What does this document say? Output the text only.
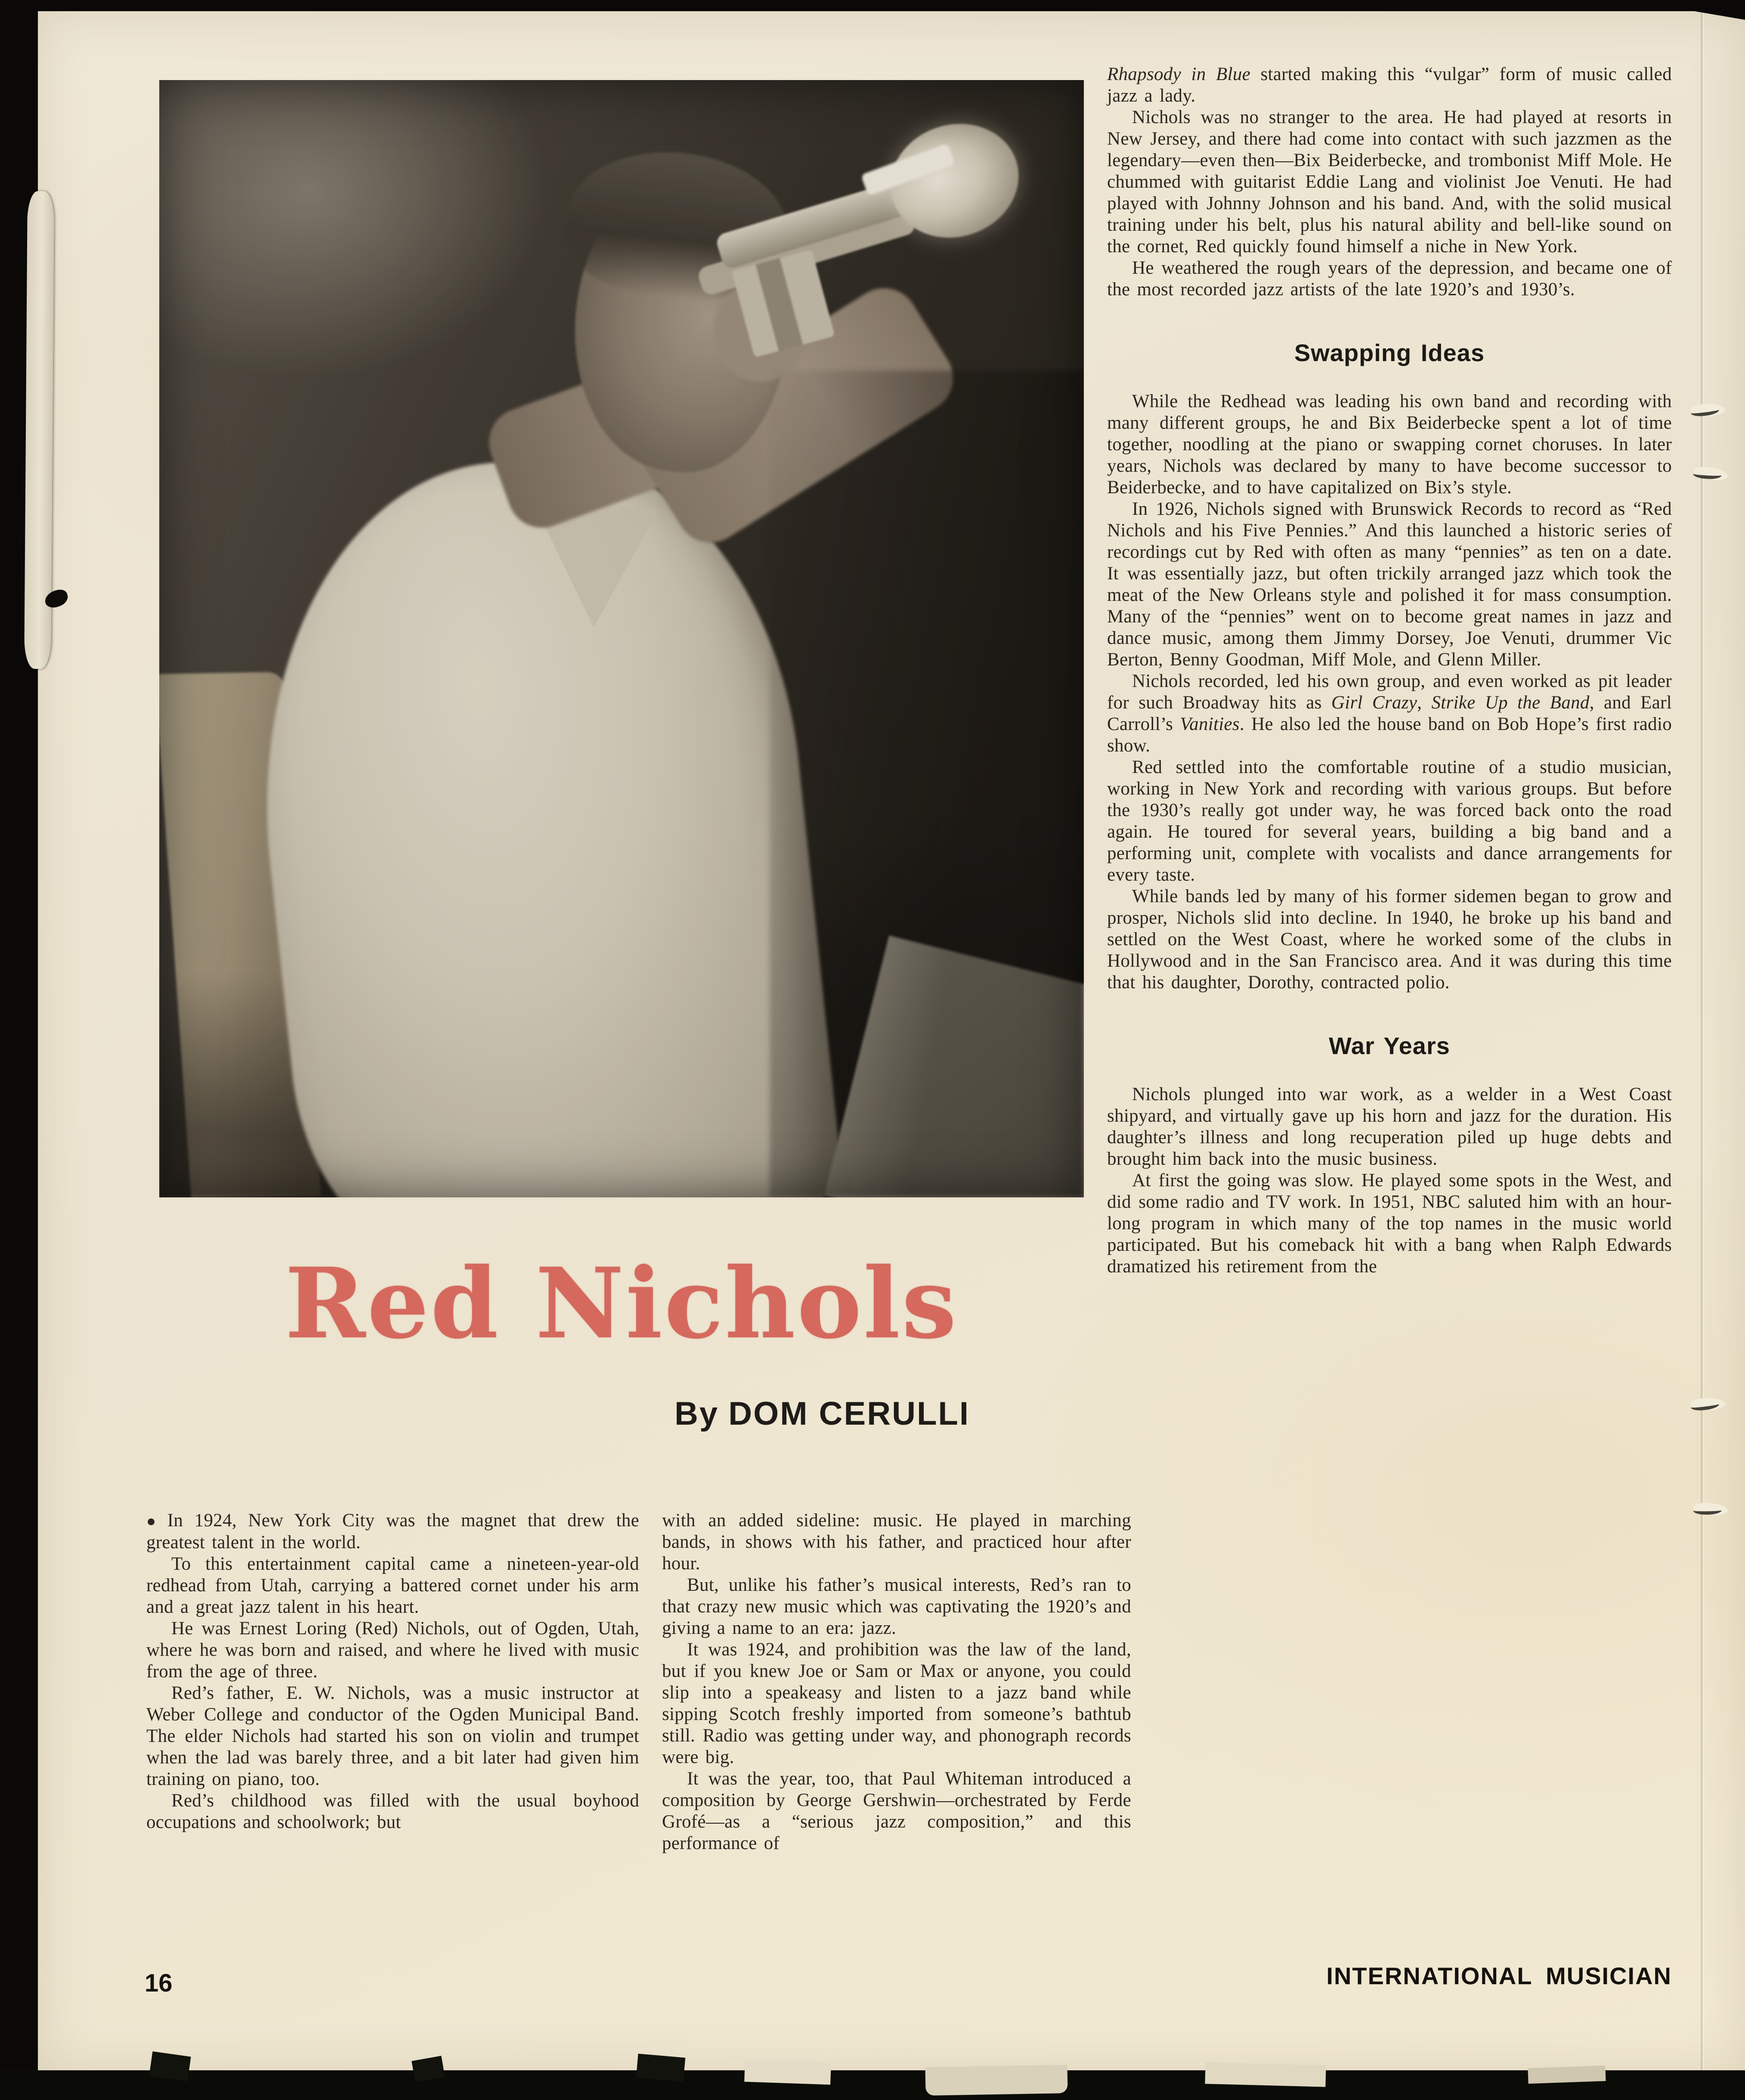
Red Nichols
By DOM CERULLI

● In 1924, New York City was the magnet that drew the greatest talent in the world.

To this entertainment capital came a nineteen-year-old redhead from Utah, carrying a battered cornet under his arm and a great jazz talent in his heart.

He was Ernest Loring (Red) Nichols, out of Ogden, Utah, where he was born and raised, and where he lived with music from the age of three.

Red’s father, E. W. Nichols, was a music instructor at Weber College and conductor of the Ogden Municipal Band. The elder Nichols had started his son on violin and trumpet when the lad was barely three, and a bit later had given him training on piano, too.

Red’s childhood was filled with the usual boyhood occupations and schoolwork; but

with an added sideline: music. He played in marching bands, in shows with his father, and practiced hour after hour.

But, unlike his father’s musical interests, Red’s ran to that crazy new music which was captivating the 1920’s and giving a name to an era: jazz.

It was 1924, and prohibition was the law of the land, but if you knew Joe or Sam or Max or anyone, you could slip into a speakeasy and listen to a jazz band while sipping Scotch freshly imported from someone’s bathtub still. Radio was getting under way, and phonograph records were big.

It was the year, too, that Paul Whiteman introduced a composition by George Gershwin—orchestrated by Ferde Grofé—as a “serious jazz composition,” and this performance of

Rhapsody in Blue started making this “vulgar” form of music called jazz a lady.

Nichols was no stranger to the area. He had played at resorts in New Jersey, and there had come into contact with such jazzmen as the legendary—even then—Bix Beiderbecke, and trombonist Miff Mole. He chummed with guitarist Eddie Lang and violinist Joe Venuti. He had played with Johnny Johnson and his band. And, with the solid musical training under his belt, plus his natural ability and bell-like sound on the cornet, Red quickly found himself a niche in New York.

He weathered the rough years of the depression, and became one of the most recorded jazz artists of the late 1920’s and 1930’s.

Swapping Ideas

While the Redhead was leading his own band and recording with many different groups, he and Bix Beiderbecke spent a lot of time together, noodling at the piano or swapping cornet choruses. In later years, Nichols was declared by many to have become successor to Beiderbecke, and to have capitalized on Bix’s style.

In 1926, Nichols signed with Brunswick Records to record as “Red Nichols and his Five Pennies.” And this launched a historic series of recordings cut by Red with often as many “pennies” as ten on a date. It was essentially jazz, but often trickily arranged jazz which took the meat of the New Orleans style and polished it for mass consumption. Many of the “pennies” went on to become great names in jazz and dance music, among them Jimmy Dorsey, Joe Venuti, drummer Vic Berton, Benny Goodman, Miff Mole, and Glenn Miller.

Nichols recorded, led his own group, and even worked as pit leader for such Broadway hits as Girl Crazy, Strike Up the Band, and Earl Carroll’s Vanities. He also led the house band on Bob Hope’s first radio show.

Red settled into the comfortable routine of a studio musician, working in New York and recording with various groups. But before the 1930’s really got under way, he was forced back onto the road again. He toured for several years, building a big band and a performing unit, complete with vocalists and dance arrangements for every taste.

While bands led by many of his former sidemen began to grow and prosper, Nichols slid into decline. In 1940, he broke up his band and settled on the West Coast, where he worked some of the clubs in Hollywood and in the San Francisco area. And it was during this time that his daughter, Dorothy, contracted polio.

War Years

Nichols plunged into war work, as a welder in a West Coast shipyard, and virtually gave up his horn and jazz for the duration. His daughter’s illness and long recuperation piled up huge debts and brought him back into the music business.

At first the going was slow. He played some spots in the West, and did some radio and TV work. In 1951, NBC saluted him with an hour-long program in which many of the top names in the music world participated. But his comeback hit with a bang when Ralph Edwards dramatized his retirement from the

16	INTERNATIONAL MUSICIAN
